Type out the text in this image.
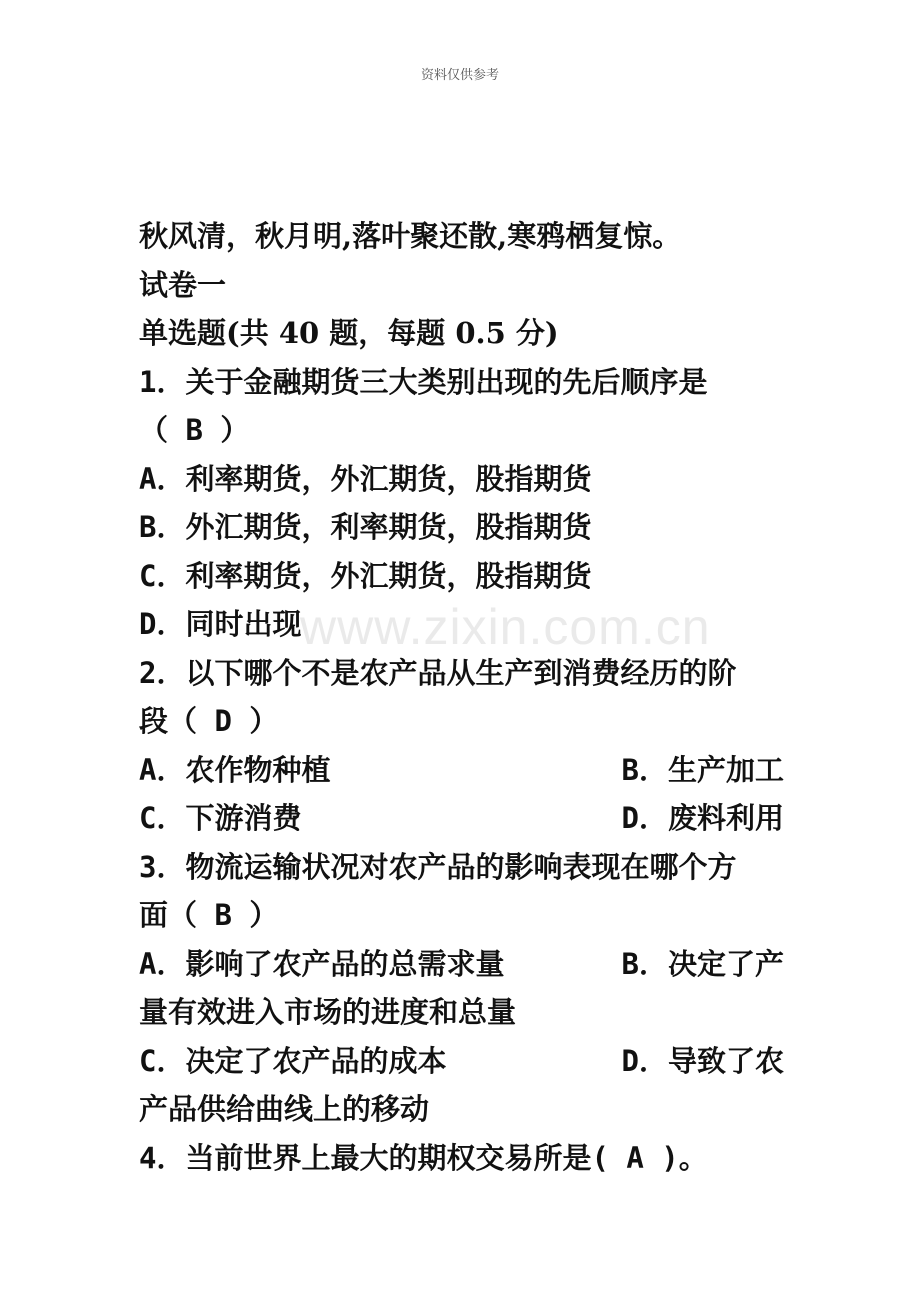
资料仅供参考
www.zixin.com.cn
秋风清，秋月明,落叶聚还散,寒鸦栖复惊。
试卷一
单选题(共 40 题，每题 0.5 分)
1．关于金融期货三大类别出现的先后顺序是
（ B ）
A．利率期货，外汇期货，股指期货
B．外汇期货，利率期货，股指期货
C．利率期货，外汇期货，股指期货
D．同时出现
2．以下哪个不是农产品从生产到消费经历的阶
段（ D ）
A．农作物种植	B．生产加工
C．下游消费	D．废料利用
3．物流运输状况对农产品的影响表现在哪个方
面（ B ）
A．影响了农产品的总需求量	B．决定了产
量有效进入市场的进度和总量
C．决定了农产品的成本	D．导致了农
产品供给曲线上的移动
4．当前世界上最大的期权交易所是( A )。
